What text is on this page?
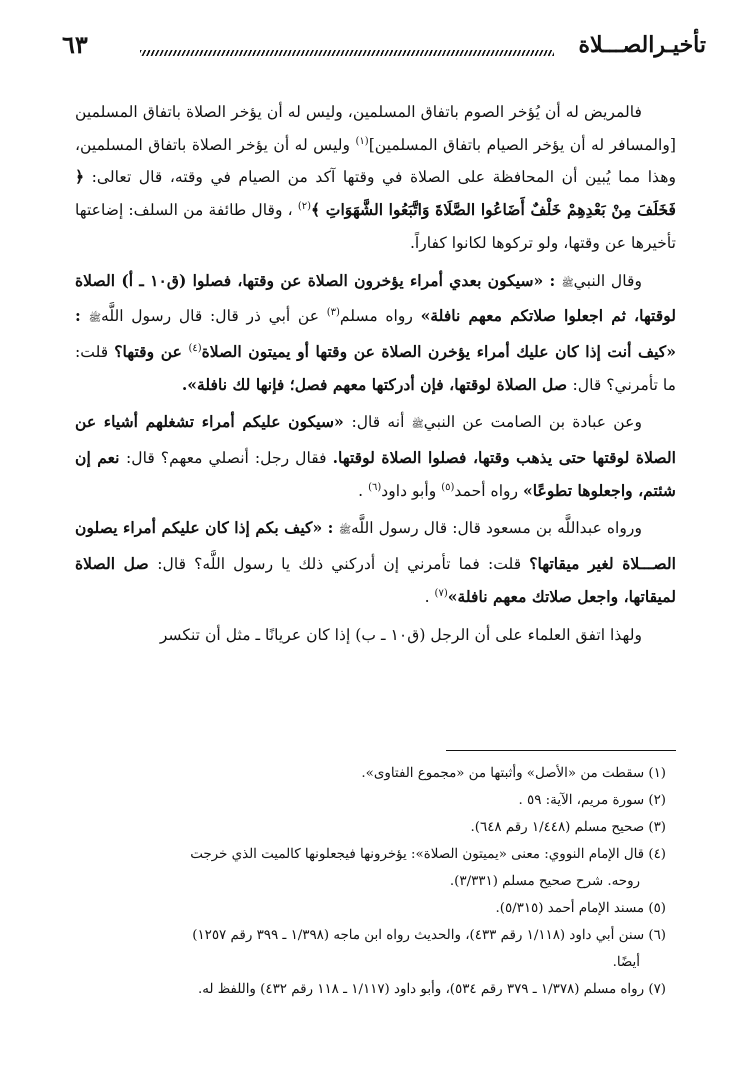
تأخيـرالصـــلاة
٦٣

فالمريض له أن يُؤخر الصوم باتفاق المسلمين، وليس له أن يؤخر الصلاة باتفاق المسلمين [والمسافر له أن يؤخر الصيام باتفاق المسلمين]$^{(١)}$ وليس له أن يؤخر الصلاة باتفاق المسلمين، وهذا مما يُبين أن المحافظة على الصلاة في وقتها آكد من الصيام في وقته، قال تعالى: ﴿ فَخَلَفَ مِنْ بَعْدِهِمْ خَلْفٌ أَضَاعُوا الصَّلَاةَ وَاتَّبَعُوا الشَّهَوَاتِ ﴾$^{(٢)}$ ، وقال طائفة من السلف: إضاعتها تأخيرها عن وقتها، ولو تركوها لكانوا كفاراً.

وقال النبيﷺ : «سيكون بعدي أمراء يؤخرون الصلاة عن وقتها، فصلوا (ق١٠ ـ أ) الصلاة لوقتها، ثم اجعلوا صلاتكم معهم نافلة» رواه مسلم$^{(٣)}$ عن أبي ذر قال: قال رسول اللَّهﷺ : «كيف أنت إذا كان عليك أمراء يؤخرن الصلاة عن وقتها أو يميتون الصلاة$^{(٤)}$ عن وقتها؟ قلت: ما تأمرني؟ قال: صل الصلاة لوقتها، فإن أدركتها معهم فصل؛ فإنها لك نافلة».

وعن عبادة بن الصامت عن النبيﷺ أنه قال: «سيكون عليكم أمراء تشغلهم أشياء عن الصلاة لوقتها حتى يذهب وقتها، فصلوا الصلاة لوقتها. فقال رجل: أنصلي معهم؟ قال: نعم إن شئتم، واجعلوها تطوعًا» رواه أحمد$^{(٥)}$ وأبو داود$^{(٦)}$ .

ورواه عبداللَّه بن مسعود قال: قال رسول اللَّهﷺ : «كيف بكم إذا كان عليكم أمراء يصلون الصـــلاة لغير ميقاتها؟ قلت: فما تأمرني إن أدركني ذلك يا رسول اللَّه؟ قال: صل الصلاة لميقاتها، واجعل صلاتك معهم نافلة»$^{(٧)}$ .

ولهذا اتفق العلماء على أن الرجل (ق١٠ ـ ب) إذا كان عريانًا ـ مثل أن تنكسر

(١) سقطت من «الأصل» وأثبتها من «مجموع الفتاوى».

(٢) سورة مريم، الآية: ٥٩ .

(٣) صحيح مسلم (١/٤٤٨ رقم ٦٤٨).

(٤) قال الإمام النووي: معنى «يميتون الصلاة»: يؤخرونها فيجعلونها كالميت الذي خرجت
روحه. شرح صحيح مسلم (٣/٣٣١).

(٥) مسند الإمام أحمد (٥/٣١٥).

(٦) سنن أبي داود (١/١١٨ رقم ٤٣٣)، والحديث رواه ابن ماجه (١/٣٩٨ ـ ٣٩٩ رقم ١٢٥٧)
أيضًا.

(٧) رواه مسلم (١/٣٧٨ ـ ٣٧٩ رقم ٥٣٤)، وأبو داود (١/١١٧ ـ ١١٨ رقم ٤٣٢) واللفظ له.
